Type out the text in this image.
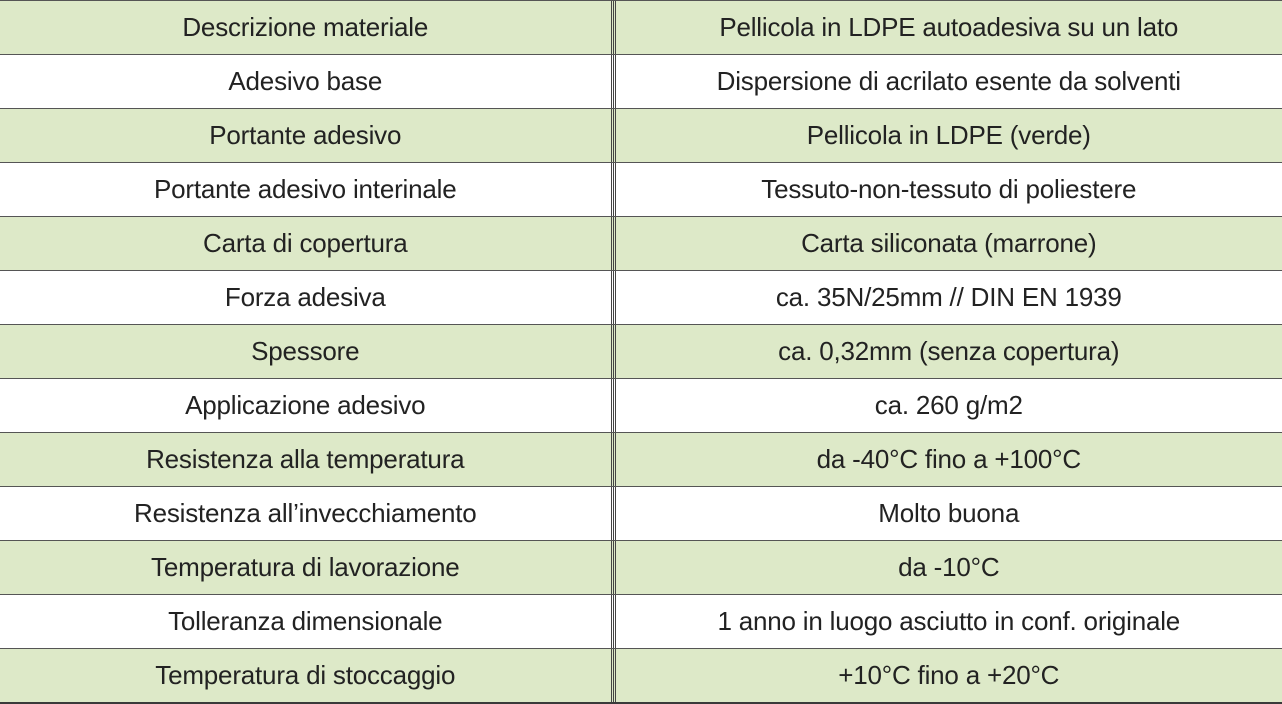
Descrizione materiale	Pellicola in LDPE autoadesiva su un lato
Adesivo base	Dispersione di acrilato esente da solventi
Portante adesivo	Pellicola in LDPE (verde)
Portante adesivo interinale	Tessuto-non-tessuto di poliestere
Carta di copertura	Carta siliconata (marrone)
Forza adesiva	ca. 35N/25mm // DIN EN 1939
Spessore	ca. 0,32mm (senza copertura)
Applicazione adesivo	ca. 260 g/m2
Resistenza alla temperatura	da -40°C fino a +100°C
Resistenza all’invecchiamento	Molto buona
Temperatura di lavorazione	da -10°C
Tolleranza dimensionale	1 anno in luogo asciutto in conf. originale
Temperatura di stoccaggio	+10°C fino a +20°C
